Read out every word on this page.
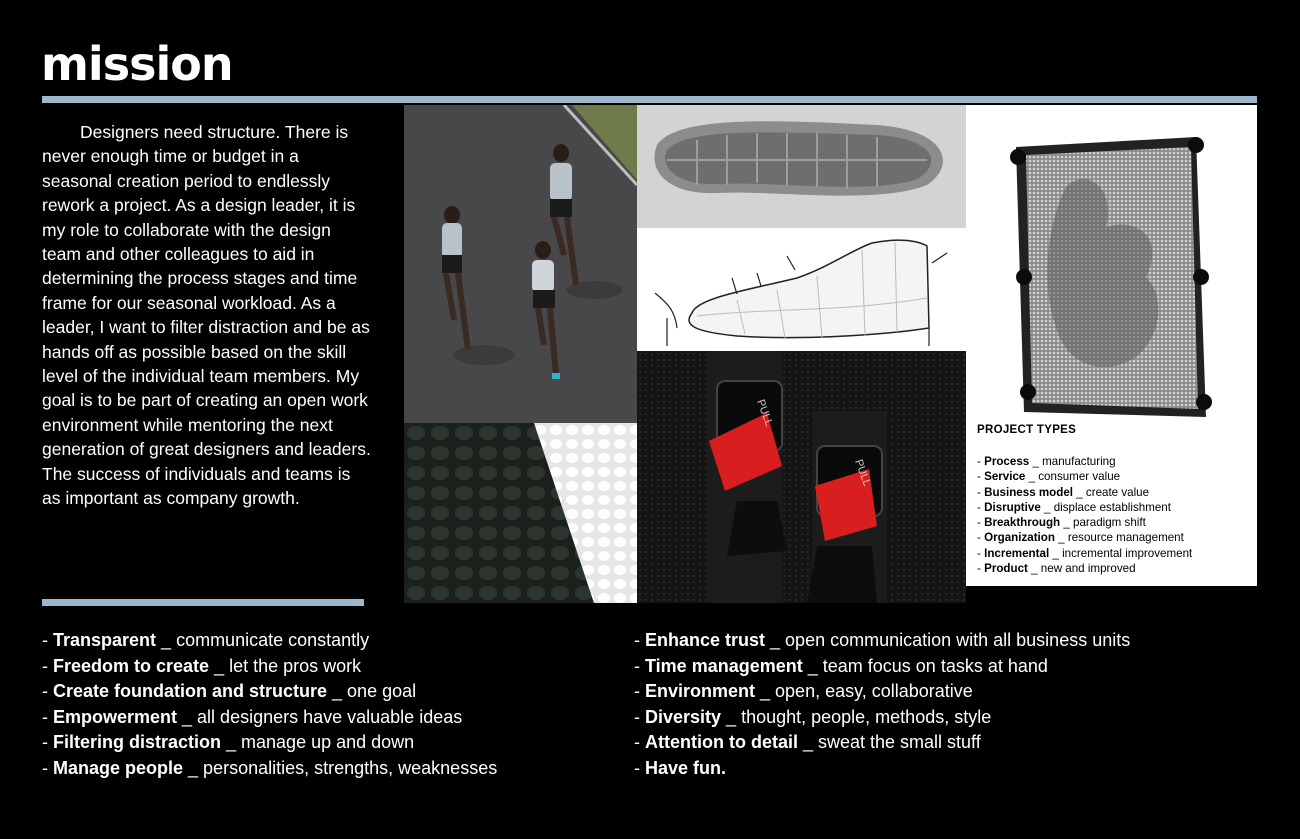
mission

Designers need structure. There is never enough time or budget in a seasonal creation period to endlessly rework a project. As a design leader, it is my role to collaborate with the design team and other colleagues to aid in determining the process stages and time frame for our seasonal workload. As a leader, I want to filter distraction and be as hands off as possible based on the skill level of the individual team members. My goal is to be part of creating an open work environment while mentoring the next generation of great designers and leaders. The success of individuals and teams is as important as company growth.

PULL
PULL
PROJECT TYPES
- Process _ manufacturing
- Service _ consumer value
- Business model _ create value
- Disruptive _ displace establishment
- Breakthrough _ paradigm shift
- Organization _ resource management
- Incremental _ incremental improvement
- Product _ new and improved
- Transparent _ communicate constantly
- Freedom to create _ let the pros work
- Create foundation and structure _ one goal
- Empowerment _ all designers have valuable ideas
- Filtering distraction _ manage up and down
- Manage people _ personalities, strengths, weaknesses
- Enhance trust _ open communication with all business units
- Time management _ team focus on tasks at hand
- Environment _ open, easy, collaborative
- Diversity _ thought, people, methods, style
- Attention to detail _ sweat the small stuff
- Have fun.
